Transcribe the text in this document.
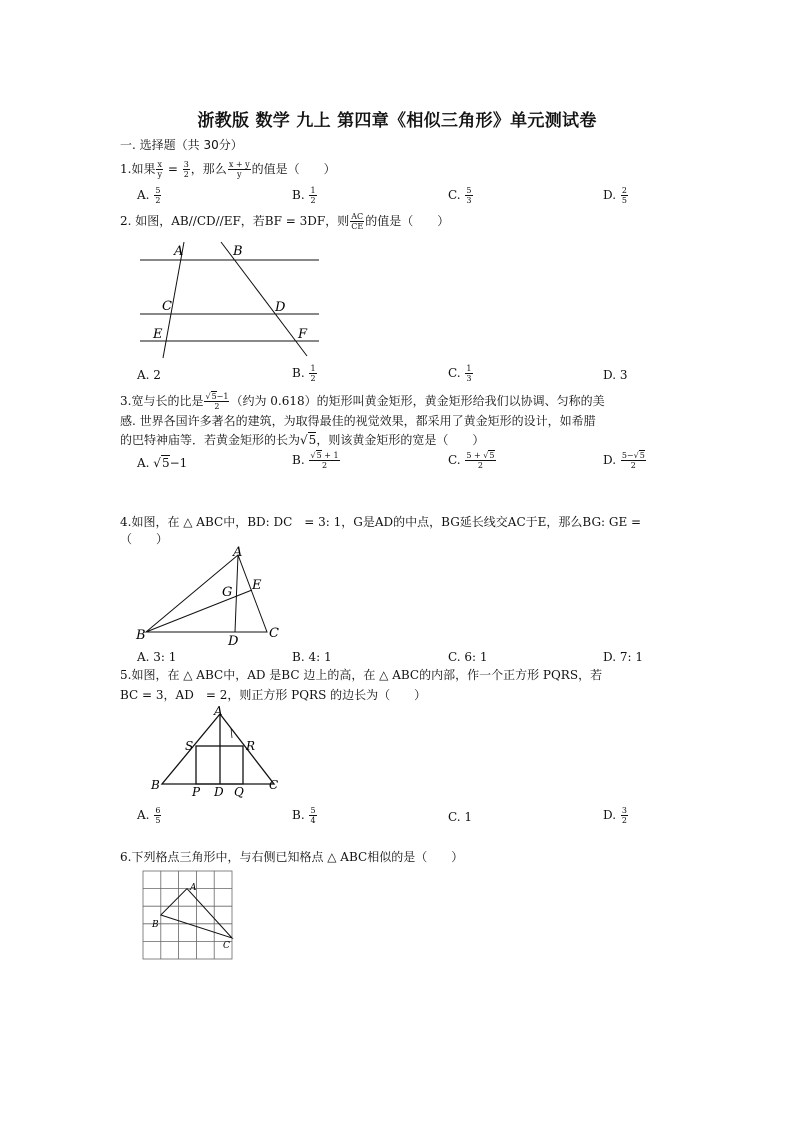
浙教版 数学 九上 第四章《相似三角形》单元测试卷
一. 选择题（共 30分）
1.如果 $\frac{x}{y} = \frac{3}{2}$ ，那么 $\frac{x + y}{y}$ 的值是（　　）
A. $\frac{5}{2}$	B. $\frac{1}{2}$	C. $\frac{5}{3}$	D. $\frac{2}{5}$
2. 如图，AB//CD//EF，若BF = 3DF，则 $\frac{AC}{CE}$ 的值是（　　）
A	B
C	D
E	F
A. 2	B. $\frac{1}{2}$	C. $\frac{1}{3}$	D. 3
3.宽与长的比是 $\frac{√5-1}{2}$ （约为 0.618）的矩形叫黄金矩形，黄金矩形给我们以协调、匀称的美
感. 世界各国许多著名的建筑，为取得最佳的视觉效果，都采用了黄金矩形的设计，如希腊
的巴特神庙等．若黄金矩形的长为√5，则该黄金矩形的宽是（　　）
A. √5−1	B. $\frac{√5 + 1}{2}$	C. $\frac{5 + √5}{2}$	D. $\frac{5-√5}{2}$
4.如图，在 △ ABC中，BD: DC　= 3: 1，G是AD的中点，BG延长线交AC于E，那么BG: GE =
（　　）
A
B	C
D
E
G
A. 3: 1	B. 4: 1	C. 6: 1	D. 7: 1
5.如图，在 △ ABC中，AD 是BC 边上的高，在 △ ABC的内部，作一个正方形 PQRS，若
BC = 3，AD　= 2，则正方形 PQRS 的边长为（　　）
A
B	C
D
P	Q
R
S
A. $\frac{6}{5}$	B. $\frac{5}{4}$	C. 1	D. $\frac{3}{2}$
6.下列格点三角形中，与右侧已知格点 △ ABC相似的是（　　）
A
B
C
